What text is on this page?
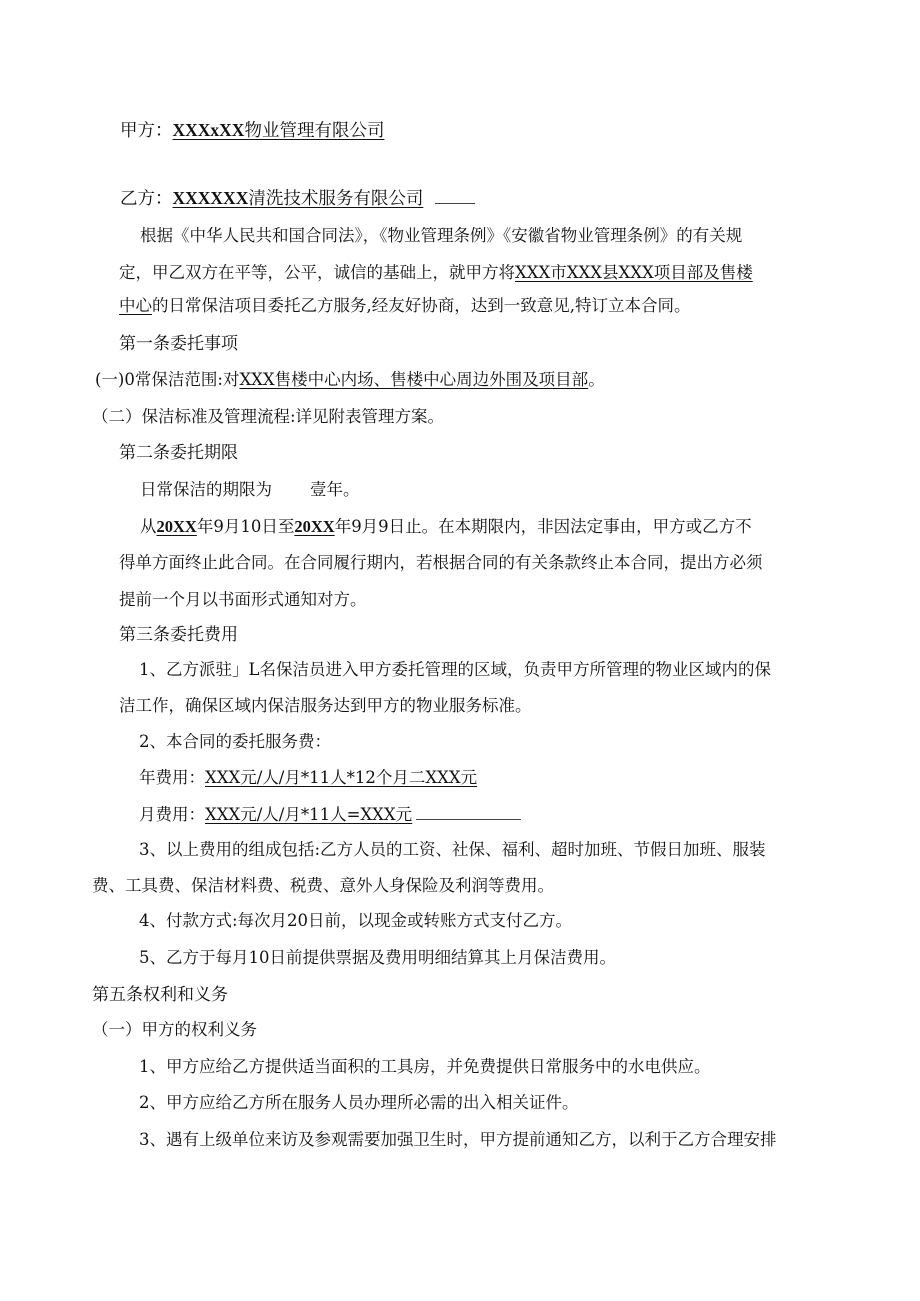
甲方：XXXxXX物业管理有限公司
乙方：XXXXXX清洗技术服务有限公司
根据《中华人民共和国合同法》，《物业管理条例》《安徽省物业管理条例》的有关规
定，甲乙双方在平等，公平，诚信的基础上，就甲方将XXX市XXX县XXX项目部及售楼
中心的日常保洁项目委托乙方服务,经友好协商，达到一致意见,特订立本合同。
第一条委托事项
(一)0常保洁范围:对XXX售楼中心内场、售楼中心周边外围及项目部。
（二）保洁标准及管理流程:详见附表管理方案。
第二条委托期限
日常保洁的期限为 壹年。
从20XX年9月10日至20XX年9月9日止。在本期限内，非因法定事由，甲方或乙方不
得单方面终止此合同。在合同履行期内，若根据合同的有关条款终止本合同，提出方必须
提前一个月以书面形式通知对方。
第三条委托费用
1、乙方派驻」L名保洁员进入甲方委托管理的区域，负责甲方所管理的物业区域内的保
洁工作，确保区域内保洁服务达到甲方的物业服务标准。
2、本合同的委托服务费：
年费用：XXX元/人/月*11人*12个月二XXX元
月费用：XXX元/人/月*11人=XXX元
3、以上费用的组成包括:乙方人员的工资、社保、福利、超时加班、节假日加班、服装
费、工具费、保洁材料费、税费、意外人身保险及利润等费用。
4、付款方式:每次月20日前，以现金或转账方式支付乙方。
5、乙方于每月10日前提供票据及费用明细结算其上月保洁费用。
第五条权利和义务
（一）甲方的权利义务
1、甲方应给乙方提供适当面积的工具房，并免费提供日常服务中的水电供应。
2、甲方应给乙方所在服务人员办理所必需的出入相关证件。
3、遇有上级单位来访及参观需要加强卫生时，甲方提前通知乙方，以利于乙方合理安排
